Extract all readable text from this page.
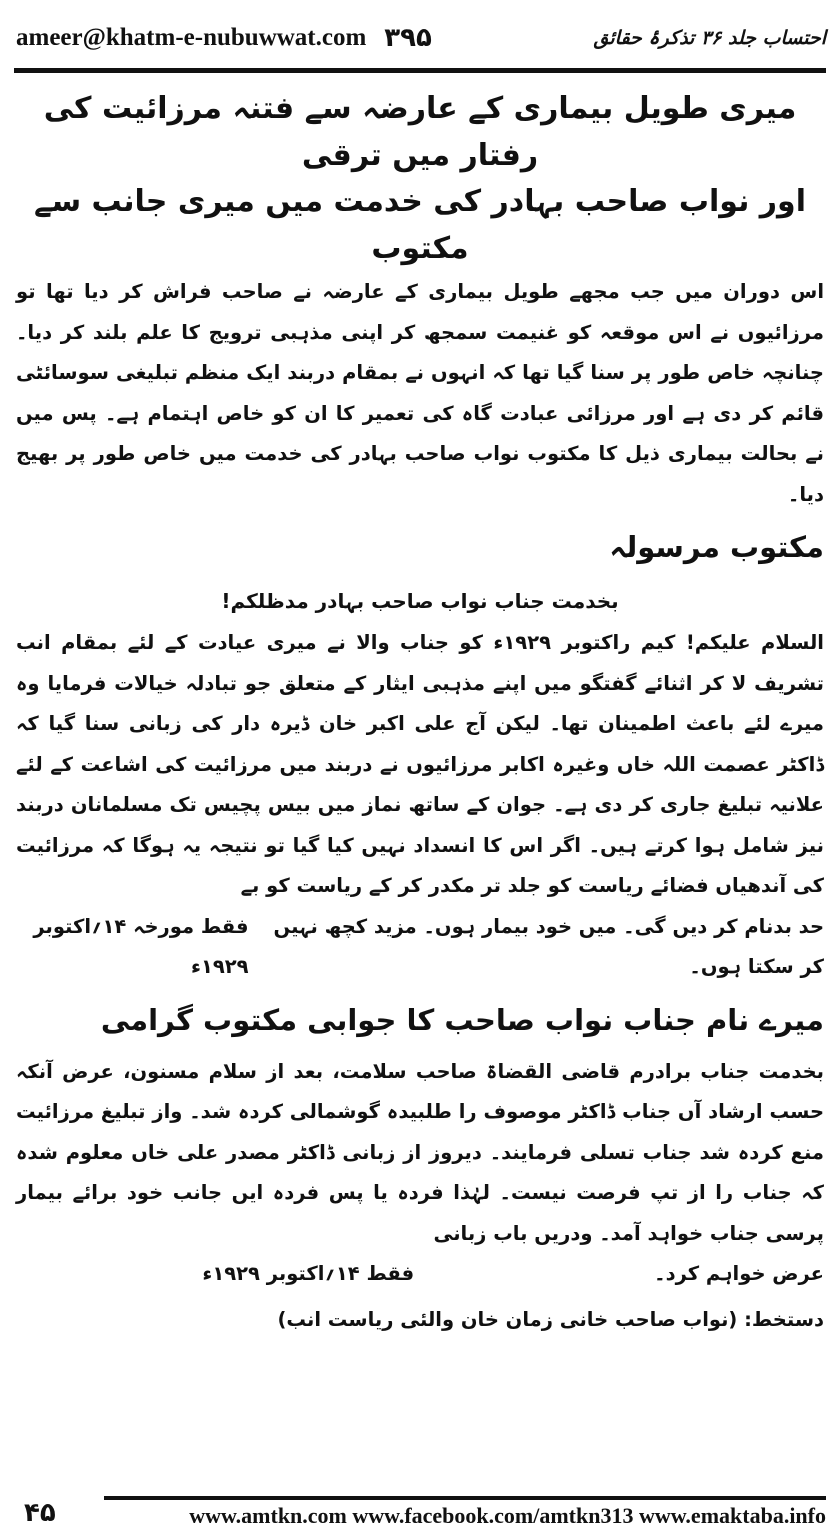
ameer@khatm-e-nubuwwat.com ۳۹۵	احتساب جلد ۳۶ تذکرۂ حقائق
میری طویل بیماری کے عارضہ سے فتنہ مرزائیت کی رفتار میں ترقی
اور نواب صاحب بہادر کی خدمت میں میری جانب سے مکتوب

اس دوران میں جب مجھے طویل بیماری کے عارضہ نے صاحب فراش کر دیا تھا تو مرزائیوں نے اس موقعہ کو غنیمت سمجھ کر اپنی مذہبی ترویج کا علم بلند کر دیا۔ چنانچہ خاص طور پر سنا گیا تھا کہ انہوں نے بمقام دربند ایک منظم تبلیغی سوسائٹی قائم کر دی ہے اور مرزائی عبادت گاہ کی تعمیر کا ان کو خاص اہتمام ہے۔ پس میں نے بحالت بیماری ذیل کا مکتوب نواب صاحب بہادر کی خدمت میں خاص طور پر بھیج دیا۔

مکتوب مرسولہ

بخدمت جناب نواب صاحب بہادر مدظلکم!

السلام علیکم! کیم راکتوبر ۱۹۲۹ء کو جناب والا نے میری عیادت کے لئے بمقام انب تشریف لا کر اثنائے گفتگو میں اپنے مذہبی ایثار کے متعلق جو تبادلہ خیالات فرمایا وہ میرے لئے باعث اطمینان تھا۔ لیکن آج علی اکبر خان ڈیرہ دار کی زبانی سنا گیا کہ ڈاکٹر عصمت اللہ خاں وغیرہ اکابر مرزائیوں نے دربند میں مرزائیت کی اشاعت کے لئے علانیہ تبلیغ جاری کر دی ہے۔ جوان کے ساتھ نماز میں بیس پچیس تک مسلمانان دربند نیز شامل ہوا کرتے ہیں۔ اگر اس کا انسداد نہیں کیا گیا تو نتیجہ یہ ہوگا کہ مرزائیت کی آندھیاں فضائے ریاست کو جلد تر مکدر کر کے ریاست کو بے

حد بدنام کر دیں گی۔ میں خود بیمار ہوں۔ مزید کچھ نہیں کر سکتا ہوں۔
فقط مورخہ ۱۴؍اکتوبر ۱۹۲۹ء
میرے نام جناب نواب صاحب کا جوابی مکتوب گرامی

بخدمت جناب برادرم قاضی القضاۃ صاحب سلامت، بعد از سلام مسنون، عرض آنکہ حسب ارشاد آں جناب ڈاکٹر موصوف را طلبیدہ گوشمالی کردہ شد۔ واز تبلیغ مرزائیت منع کردہ شد جناب تسلی فرمایند۔ دیروز از زبانی ڈاکٹر مصدر علی خاں معلوم شدہ کہ جناب را از تپ فرصت نیست۔ لہٰذا فردہ یا پس فردہ ایں جانب خود برائے بیمار پرسی جناب خواہد آمد۔ ودریں باب زبانی

عرض خواہم کرد۔
فقط ۱۴؍اکتوبر ۱۹۲۹ء
دستخط: (نواب صاحب خانی زمان خان والئی ریاست انب)
۴۵	www.amtkn.com www.facebook.com/amtkn313 www.emaktaba.info
